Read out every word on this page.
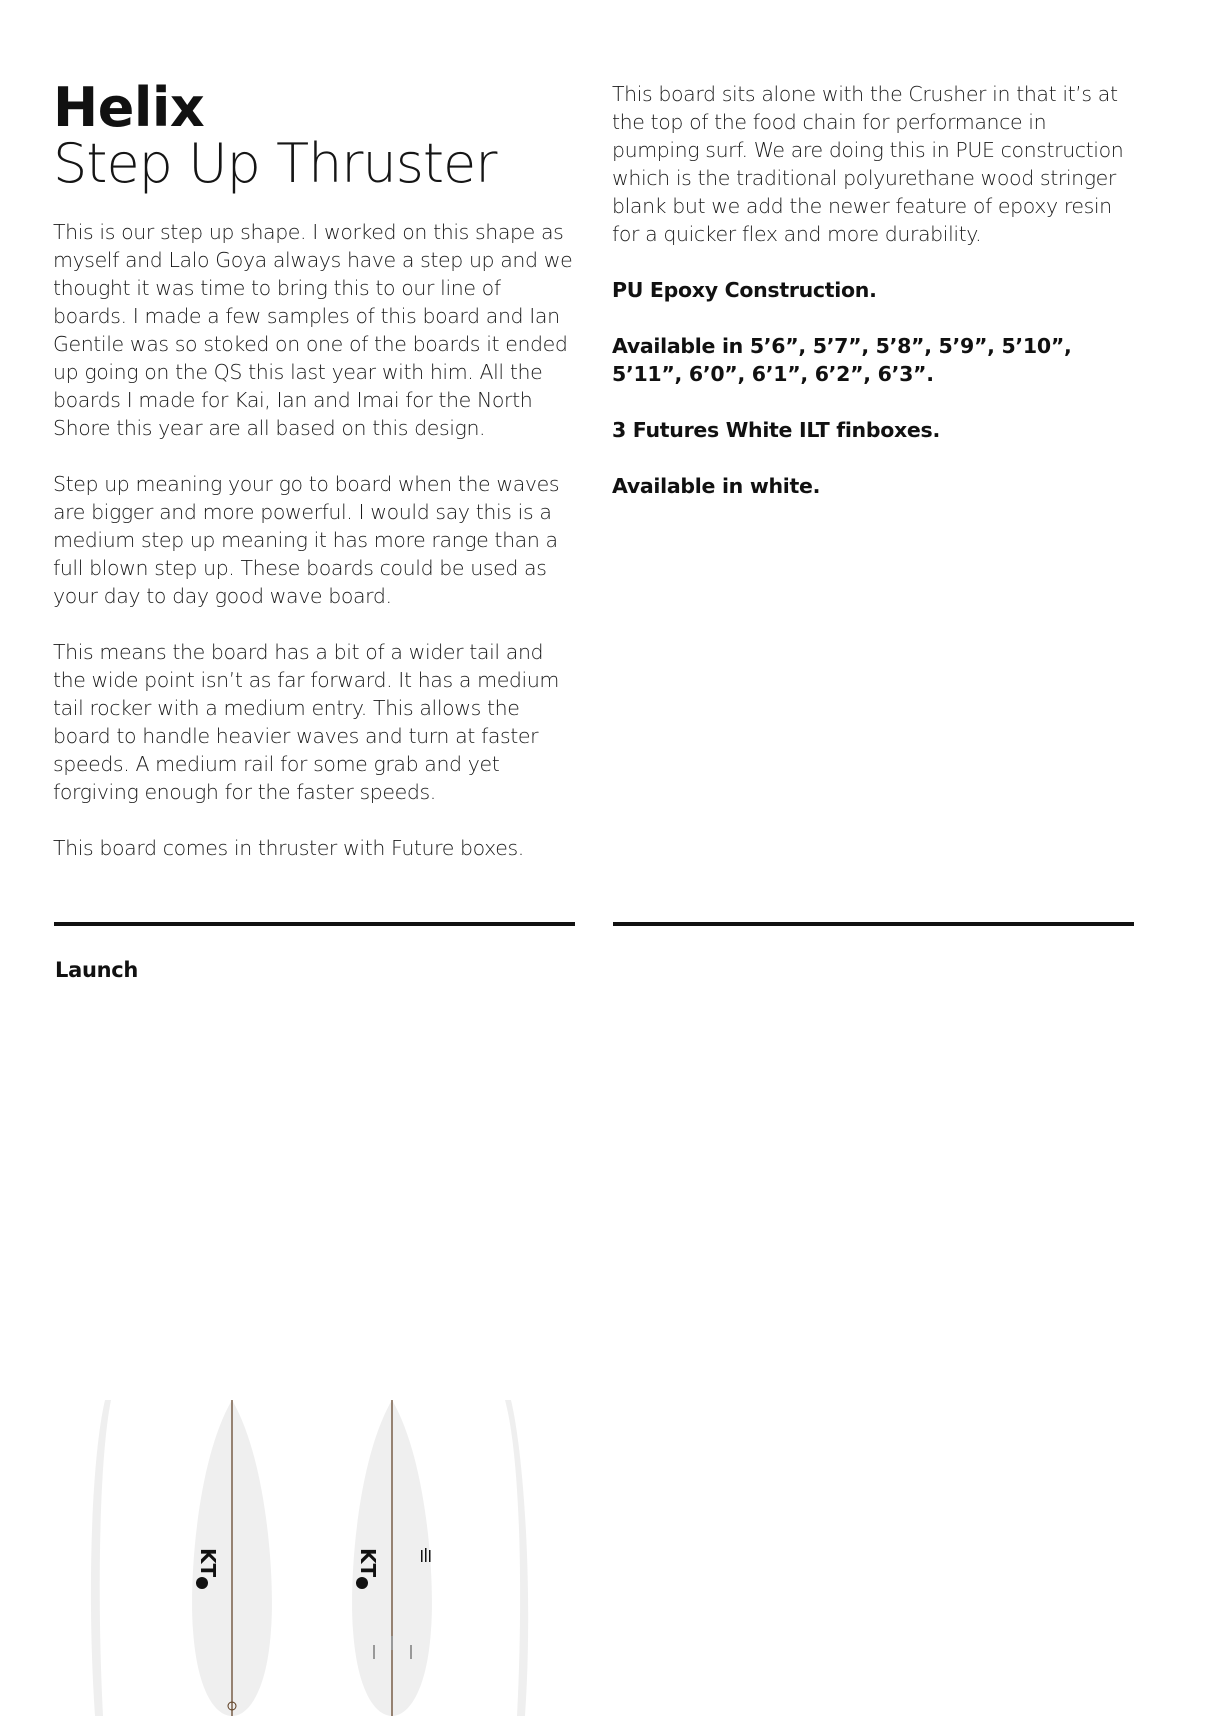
Helix
Step Up Thruster

This is our step up shape. I worked on this shape as myself and Lalo Goya always have a step up and we thought it was time to bring this to our line of boards. I made a few samples of this board and Ian Gentile was so stoked on one of the boards it ended up going on the QS this last year with him. All the boards I made for Kai, Ian and Imai for the North Shore this year are all based on this design.

Step up meaning your go to board when the waves are bigger and more powerful. I would say this is a medium step up meaning it has more range than a full blown step up. These boards could be used as your day to day good wave board.

This means the board has a bit of a wider tail and the wide point isn’t as far forward. It has a medium tail rocker with a medium entry. This allows the board to handle heavier waves and turn at faster speeds. A medium rail for some grab and yet forgiving enough for the faster speeds.

This board comes in thruster with Future boxes.

This board sits alone with the Crusher in that it’s at the top of the food chain for performance in pumping surf. We are doing this in PUE construction which is the traditional polyurethane wood stringer blank but we add the newer feature of epoxy resin for a quicker flex and more durability.

PU Epoxy Construction.

Available in 5’6”, 5’7”, 5’8”, 5’9”, 5’10”, 5’11”, 6’0”, 6’1”, 6’2”, 6’3”.

3 Futures White ILT finboxes.

Available in white.

Launch
KT	KT
